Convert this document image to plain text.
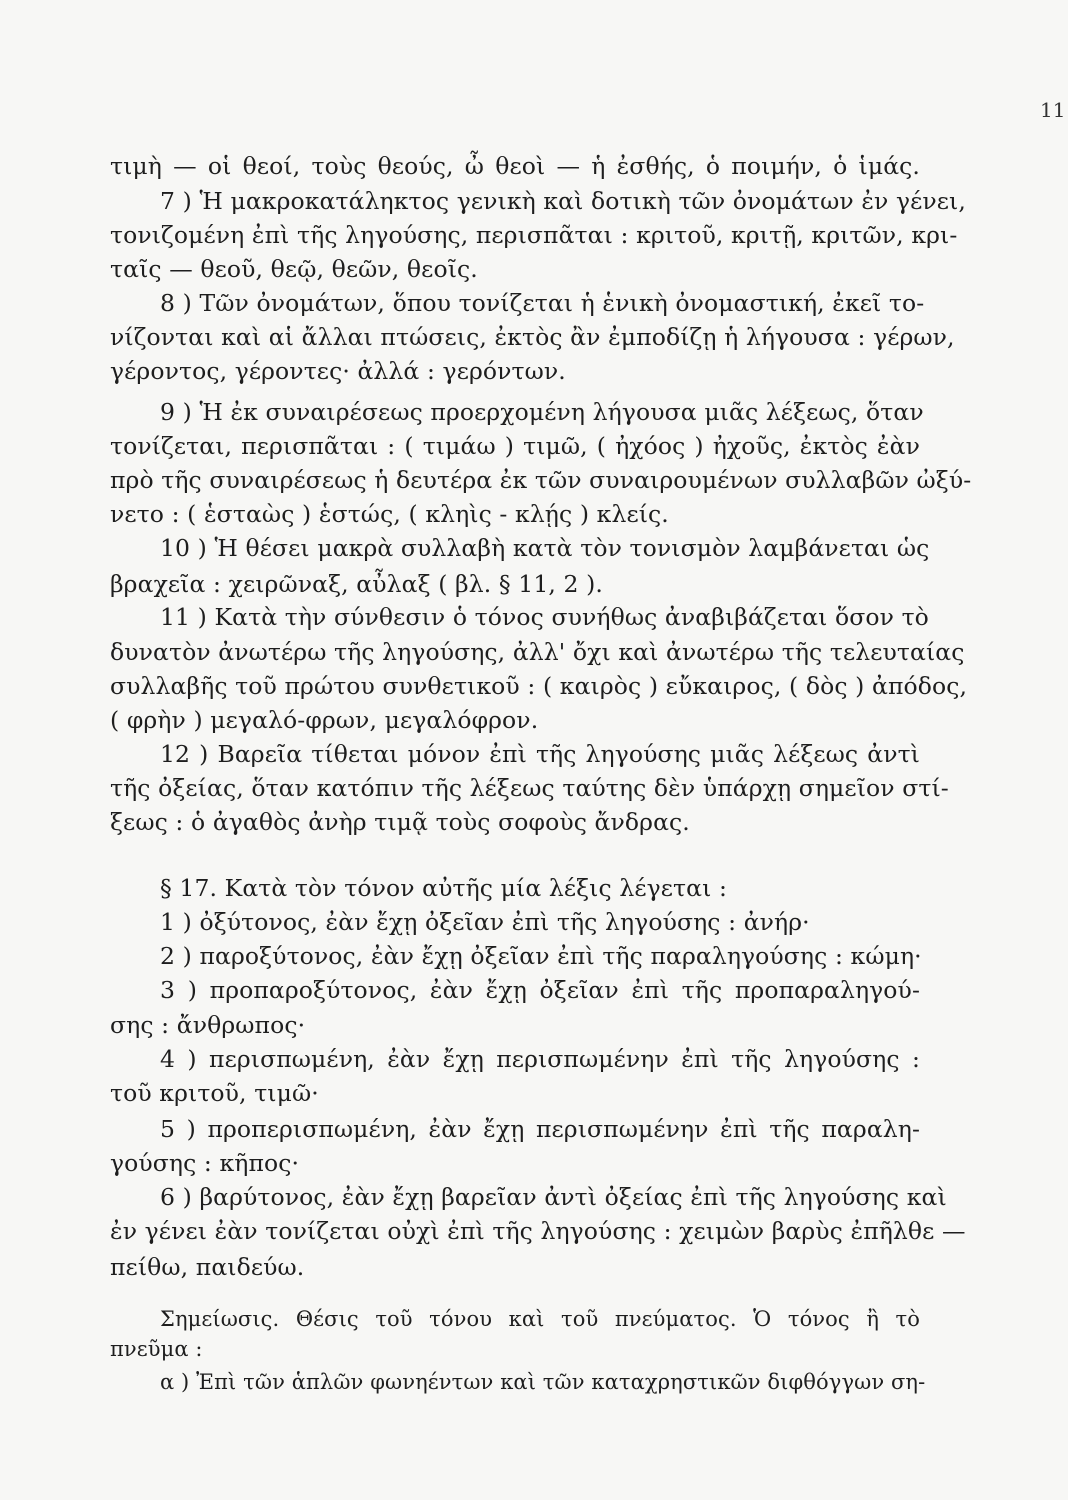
11

τιμὴ — οἱ θεοί, τοὺς θεούς, ὦ θεοὶ — ἡ ἐσθής, ὁ ποιμήν, ὁ ἱμάς.

7 ) Ἡ μακροκατάληκτος γενικὴ καὶ δοτικὴ τῶν ὀνομάτων ἐν γένει,

τονιζομένη ἐπὶ τῆς ληγούσης, περισπᾶται : κριτοῦ, κριτῇ, κριτῶν, κρι-

ταῖς — θεοῦ, θεῷ, θεῶν, θεοῖς.

8 ) Τῶν ὀνομάτων, ὅπου τονίζεται ἡ ἑνικὴ ὀνομαστική, ἐκεῖ το-

νίζονται καὶ αἱ ἄλλαι πτώσεις, ἐκτὸς ἂν ἐμποδίζῃ ἡ λήγουσα : γέρων,

γέροντος, γέροντες· ἀλλά : γερόντων.

9 ) Ἡ ἐκ συναιρέσεως προερχομένη λήγουσα μιᾶς λέξεως, ὅταν

τονίζεται, περισπᾶται : ( τιμάω ) τιμῶ, ( ἠχόος ) ἠχοῦς, ἐκτὸς ἐὰν

πρὸ τῆς συναιρέσεως ἡ δευτέρα ἐκ τῶν συναιρουμένων συλλαβῶν ὠξύ-

νετο : ( ἑσταὼς ) ἑστώς, ( κληὶς - κλῄς ) κλείς.

10 ) Ἡ θέσει μακρὰ συλλαβὴ κατὰ τὸν τονισμὸν λαμβάνεται ὡς

βραχεῖα : χειρῶναξ, αὖλαξ ( βλ. § 11, 2 ).

11 ) Κατὰ τὴν σύνθεσιν ὁ τόνος συνήθως ἀναβιβάζεται ὅσον τὸ

δυνατὸν ἀνωτέρω τῆς ληγούσης, ἀλλ' ὄχι καὶ ἀνωτέρω τῆς τελευταίας

συλλαβῆς τοῦ πρώτου συνθετικοῦ : ( καιρὸς ) εὔκαιρος, ( δὸς ) ἀπόδος,

( φρὴν ) μεγαλό-φρων, μεγαλόφρον.

12 ) Βαρεῖα τίθεται μόνον ἐπὶ τῆς ληγούσης μιᾶς λέξεως ἀντὶ

τῆς ὀξείας, ὅταν κατόπιν τῆς λέξεως ταύτης δὲν ὑπάρχῃ σημεῖον στί-

ξεως : ὁ ἀγαθὸς ἀνὴρ τιμᾷ τοὺς σοφοὺς ἄνδρας.

§ 17. Κατὰ τὸν τόνον αὐτῆς μία λέξις λέγεται :

1 ) ὀξύτονος, ἐὰν ἔχῃ ὀξεῖαν ἐπὶ τῆς ληγούσης : ἀνήρ·

2 ) παροξύτονος, ἐὰν ἔχῃ ὀξεῖαν ἐπὶ τῆς παραληγούσης : κώμη·

3 ) προπαροξύτονος, ἐὰν ἔχῃ ὀξεῖαν ἐπὶ τῆς προπαραληγού-

σης : ἄνθρωπος·

4 ) περισπωμένη, ἐὰν ἔχῃ περισπωμένην ἐπὶ τῆς ληγούσης :

τοῦ κριτοῦ, τιμῶ·

5 ) προπερισπωμένη, ἐὰν ἔχῃ περισπωμένην ἐπὶ τῆς παραλη-

γούσης : κῆπος·

6 ) βαρύτονος, ἐὰν ἔχῃ βαρεῖαν ἀντὶ ὀξείας ἐπὶ τῆς ληγούσης καὶ

ἐν γένει ἐὰν τονίζεται οὐχὶ ἐπὶ τῆς ληγούσης : χειμὼν βαρὺς ἐπῆλθε —

πείθω, παιδεύω.

Σημείωσις. Θέσις τοῦ τόνου καὶ τοῦ πνεύματος. Ὁ τόνος ἢ τὸ

πνεῦμα :

α ) Ἐπὶ τῶν ἁπλῶν φωνηέντων καὶ τῶν καταχρηστικῶν διφθόγγων ση-
